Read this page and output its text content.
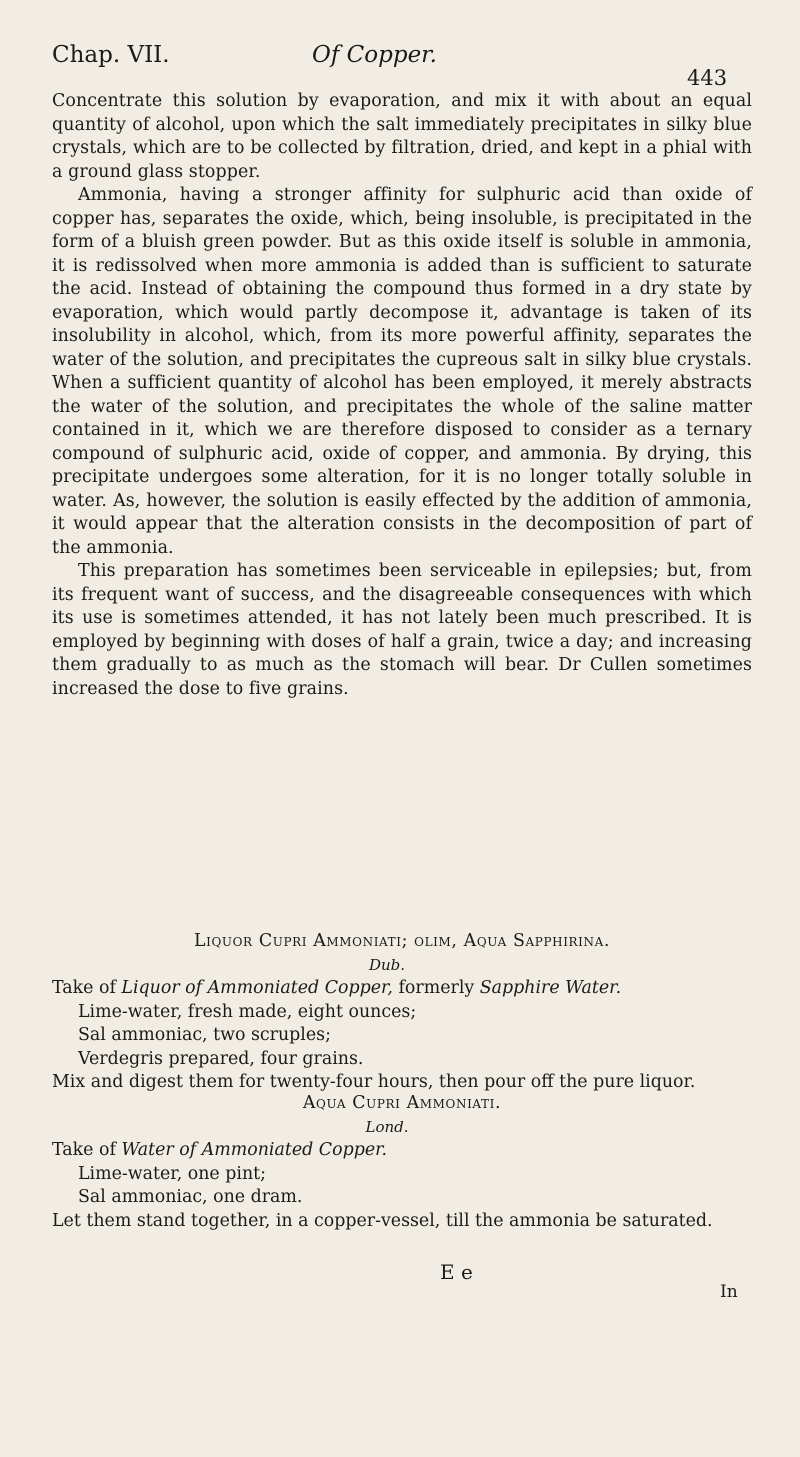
Chap. VII.	Of Copper.
443

Concentrate this solution by evaporation, and mix it with about an equal quantity of alcohol, upon which the salt immediately precipitates in silky blue crystals, which are to be collected by filtration, dried, and kept in a phial with a ground glass stopper.

Ammonia, having a stronger affinity for sulphuric acid than oxide of copper has, separates the oxide, which, being insoluble, is precipitated in the form of a bluish green powder. But as this oxide itself is soluble in ammonia, it is redissolved when more ammonia is added than is sufficient to saturate the acid. Instead of obtaining the compound thus formed in a dry state by evaporation, which would partly decompose it, advantage is taken of its insolubility in alcohol, which, from its more powerful affinity, separates the water of the solution, and precipitates the cupreous salt in silky blue crystals. When a sufficient quantity of alcohol has been employed, it merely abstracts the water of the solution, and precipitates the whole of the saline matter contained in it, which we are therefore disposed to consider as a ternary compound of sulphuric acid, oxide of copper, and ammonia. By drying, this precipitate undergoes some alteration, for it is no longer totally soluble in water. As, however, the solution is easily effected by the addition of ammonia, it would appear that the alteration consists in the decomposition of part of the ammonia.

This preparation has sometimes been serviceable in epilepsies; but, from its frequent want of success, and the disagreeable consequences with which its use is sometimes attended, it has not lately been much prescribed. It is employed by beginning with doses of half a grain, twice a day; and increasing them gradually to as much as the stomach will bear. Dr Cullen sometimes increased the dose to five grains.

Liquor Cupri Ammoniati; olim, Aqua Sapphirina.
Dub.
Take of Liquor of Ammoniated Copper, formerly Sapphire Water.
Lime-water, fresh made, eight ounces;
Sal ammoniac, two scruples;
Verdegris prepared, four grains.
Mix and digest them for twenty-four hours, then pour off the pure liquor.
Aqua Cupri Ammoniati.
Lond.
Take of Water of Ammoniated Copper.
Lime-water, one pint;
Sal ammoniac, one dram.
Let them stand together, in a copper-vessel, till the ammonia be saturated.
E e
In
